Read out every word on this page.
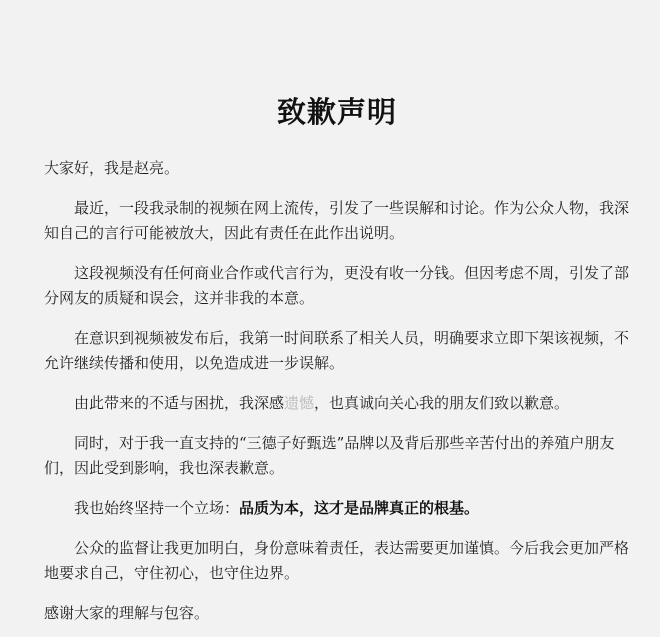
致歉声明

大家好，我是赵亮。

最近，一段我录制的视频在网上流传，引发了一些误解和讨论。作为公众人物，我深知自己的言行可能被放大，因此有责任在此作出说明。

这段视频没有任何商业合作或代言行为，更没有收一分钱。但因考虑不周，引发了部分网友的质疑和误会，这并非我的本意。

在意识到视频被发布后，我第一时间联系了相关人员，明确要求立即下架该视频，不允许继续传播和使用，以免造成进一步误解。

由此带来的不适与困扰，我深感遗憾，也真诚向关心我的朋友们致以歉意。

同时，对于我一直支持的“三德子好甄选”品牌以及背后那些辛苦付出的养殖户朋友们，因此受到影响，我也深表歉意。

我也始终坚持一个立场：品质为本，这才是品牌真正的根基。

公众的监督让我更加明白，身份意味着责任，表达需要更加谨慎。今后我会更加严格地要求自己，守住初心，也守住边界。

感谢大家的理解与包容。
